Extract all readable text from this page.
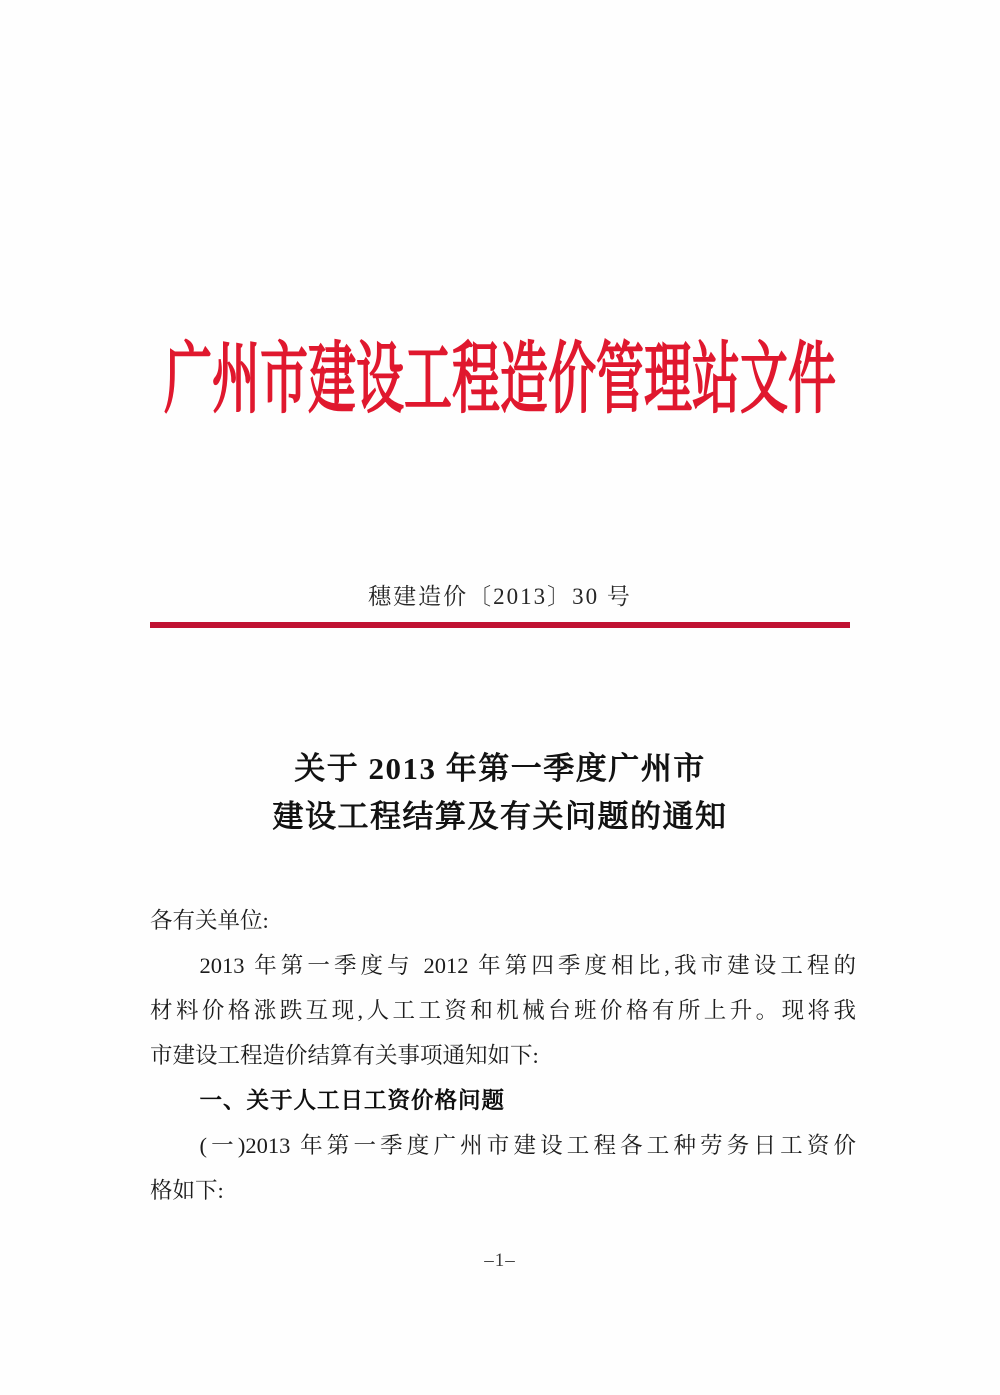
广州市建设工程造价管理站文件
穗建造价〔2013〕30 号
关于 2013 年第一季度广州市
建设工程结算及有关问题的通知

各有关单位:

2013 年第一季度与 2012 年第四季度相比,我市建设工程的

材料价格涨跌互现,人工工资和机械台班价格有所上升。现将我

市建设工程造价结算有关事项通知如下:

一、关于人工日工资价格问题

(一)2013 年第一季度广州市建设工程各工种劳务日工资价

格如下:

–1–
